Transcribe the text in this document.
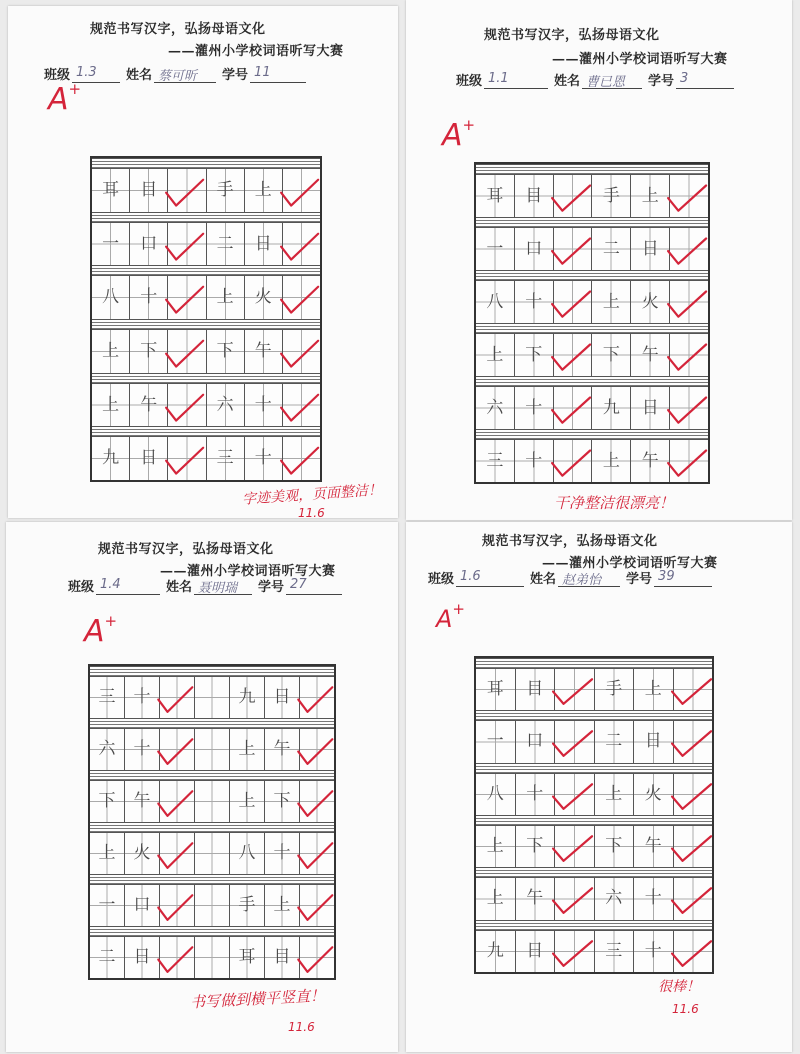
规范书写汉字，弘扬母语文化
——灌州小学校词语听写大赛
班级 1.3	姓名 蔡可昕	学号 11
A+
耳 目	手 上
一 口	二 日
八 十	上 火
上 下	下 午
上 午	六 十
九 日	三 十
字迹美观，页面整洁！
11.6
规范书写汉字，弘扬母语文化
——灌州小学校词语听写大赛
班级 1.1	姓名 曹已恩	学号 3
A+
耳 目	手 上
一 口	二 日
八 十	上 火
上 下	下 午
六 十	九 日
三 十	上 午
干净整洁很漂亮！
规范书写汉字，弘扬母语文化
——灌州小学校词语听写大赛
班级 1.4	姓名 聂明瑞	学号 27
A+
三 十	九 日
六 十	上 午
下 午	上 下
上 火	八 十
一 口	手 上
二 日	耳 目
书写做到横平竖直！
11.6
规范书写汉字，弘扬母语文化
——灌州小学校词语听写大赛
班级 1.6	姓名 赵弟怡	学号 39
A+
耳 目	手 上
一 口	二 日
八 十	上 火
上 下	下 午
上 午	六 十
九 日	三 十
很棒！
11.6
